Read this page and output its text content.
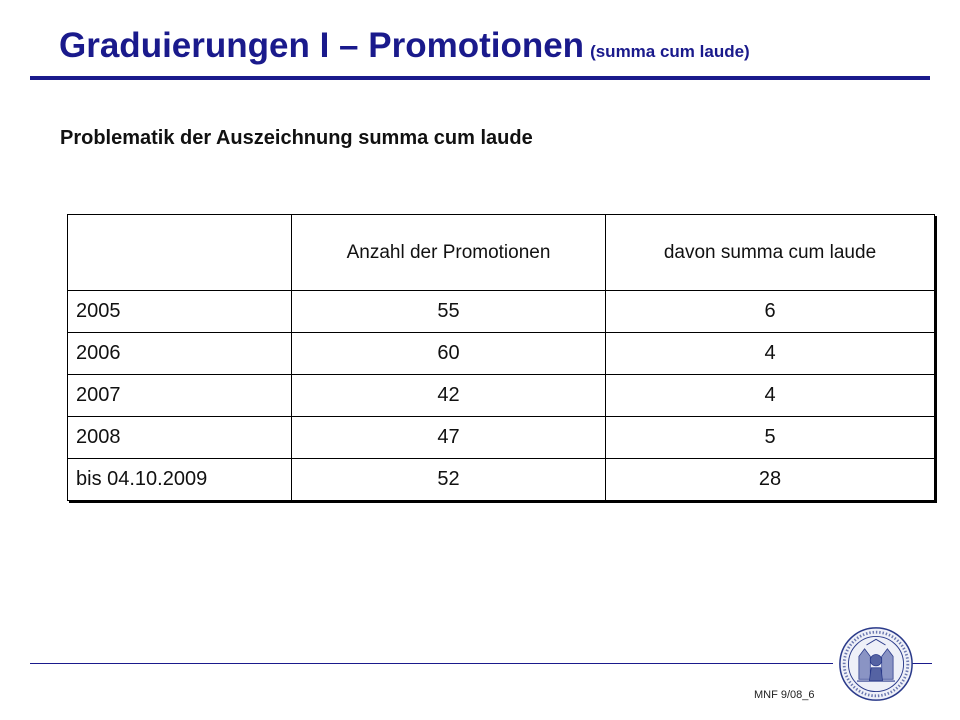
Graduierungen I – Promotionen (summa cum laude)

Problematik der Auszeichnung summa cum laude

	Anzahl der Promotionen	davon summa cum laude
2005	55	6
2006	60	4
2007	42	4
2008	47	5
bis 04.10.2009	52	28
MNF 9/08_6
